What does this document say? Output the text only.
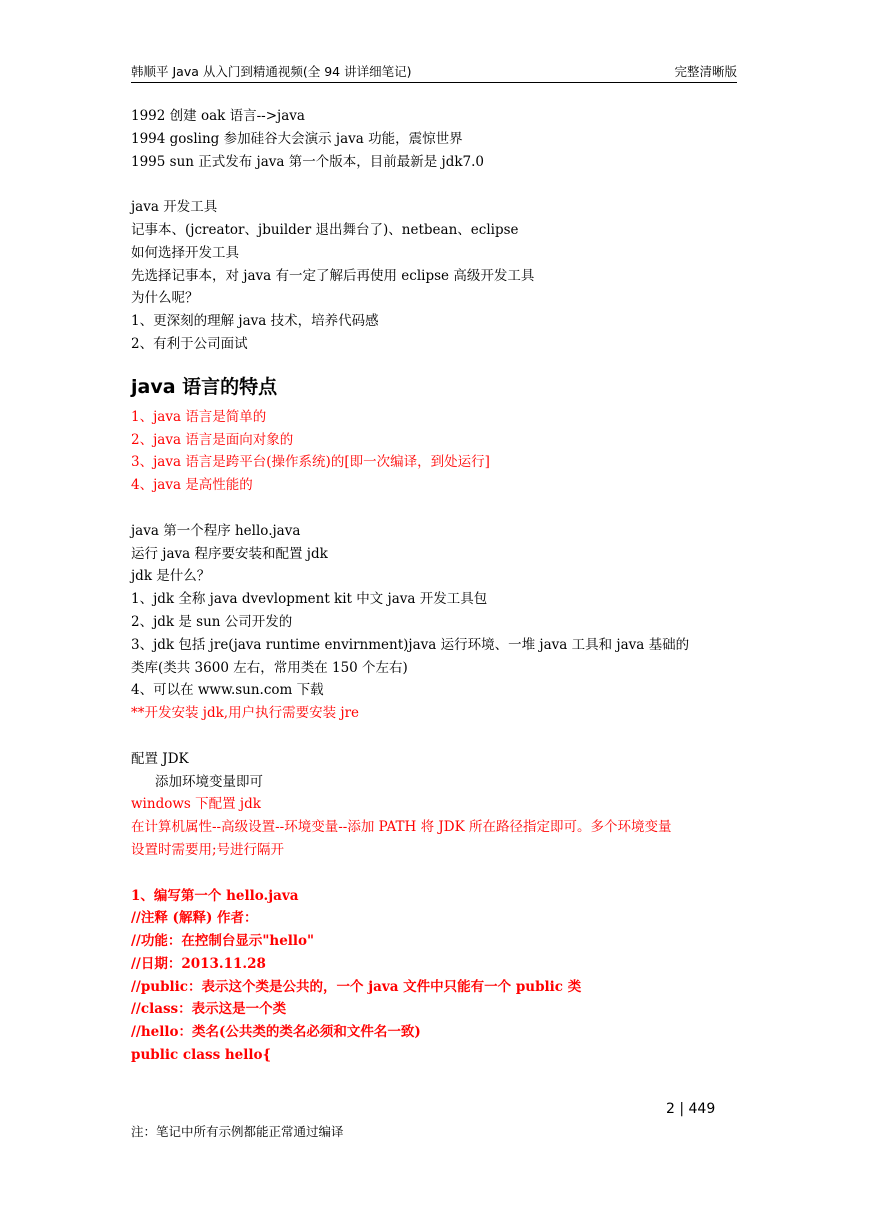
韩顺平 Java 从入门到精通视频(全 94 讲详细笔记)	完整清晰版
1992 创建 oak 语言-->java
1994 gosling 参加硅谷大会演示 java 功能，震惊世界
1995 sun 正式发布 java 第一个版本，目前最新是 jdk7.0
java 开发工具
记事本、(jcreator、jbuilder 退出舞台了)、netbean、eclipse
如何选择开发工具
先选择记事本，对 java 有一定了解后再使用 eclipse 高级开发工具
为什么呢？
1、更深刻的理解 java 技术，培养代码感
2、有利于公司面试
java 语言的特点
1、java 语言是简单的
2、java 语言是面向对象的
3、java 语言是跨平台(操作系统)的[即一次编译，到处运行]
4、java 是高性能的
java 第一个程序 hello.java
运行 java 程序要安装和配置 jdk
jdk 是什么？
1、jdk 全称 java dvevlopment kit 中文 java 开发工具包
2、jdk 是 sun 公司开发的
3、jdk 包括 jre(java runtime envirnment)java 运行环境、一堆 java 工具和 java 基础的
类库(类共 3600 左右，常用类在 150 个左右)
4、可以在 www.sun.com 下载
**开发安装 jdk,用户执行需要安装 jre
配置 JDK
添加环境变量即可
windows 下配置 jdk
在计算机属性--高级设置--环境变量--添加 PATH 将 JDK 所在路径指定即可。多个环境变量
设置时需要用;号进行隔开
1、编写第一个 hello.java
//注释 (解释) 作者：
//功能：在控制台显示"hello"
//日期：2013.11.28
//public：表示这个类是公共的，一个 java 文件中只能有一个 public 类
//class：表示这是一个类
//hello：类名(公共类的类名必须和文件名一致)
public class hello{
2 | 449
注：笔记中所有示例都能正常通过编译
